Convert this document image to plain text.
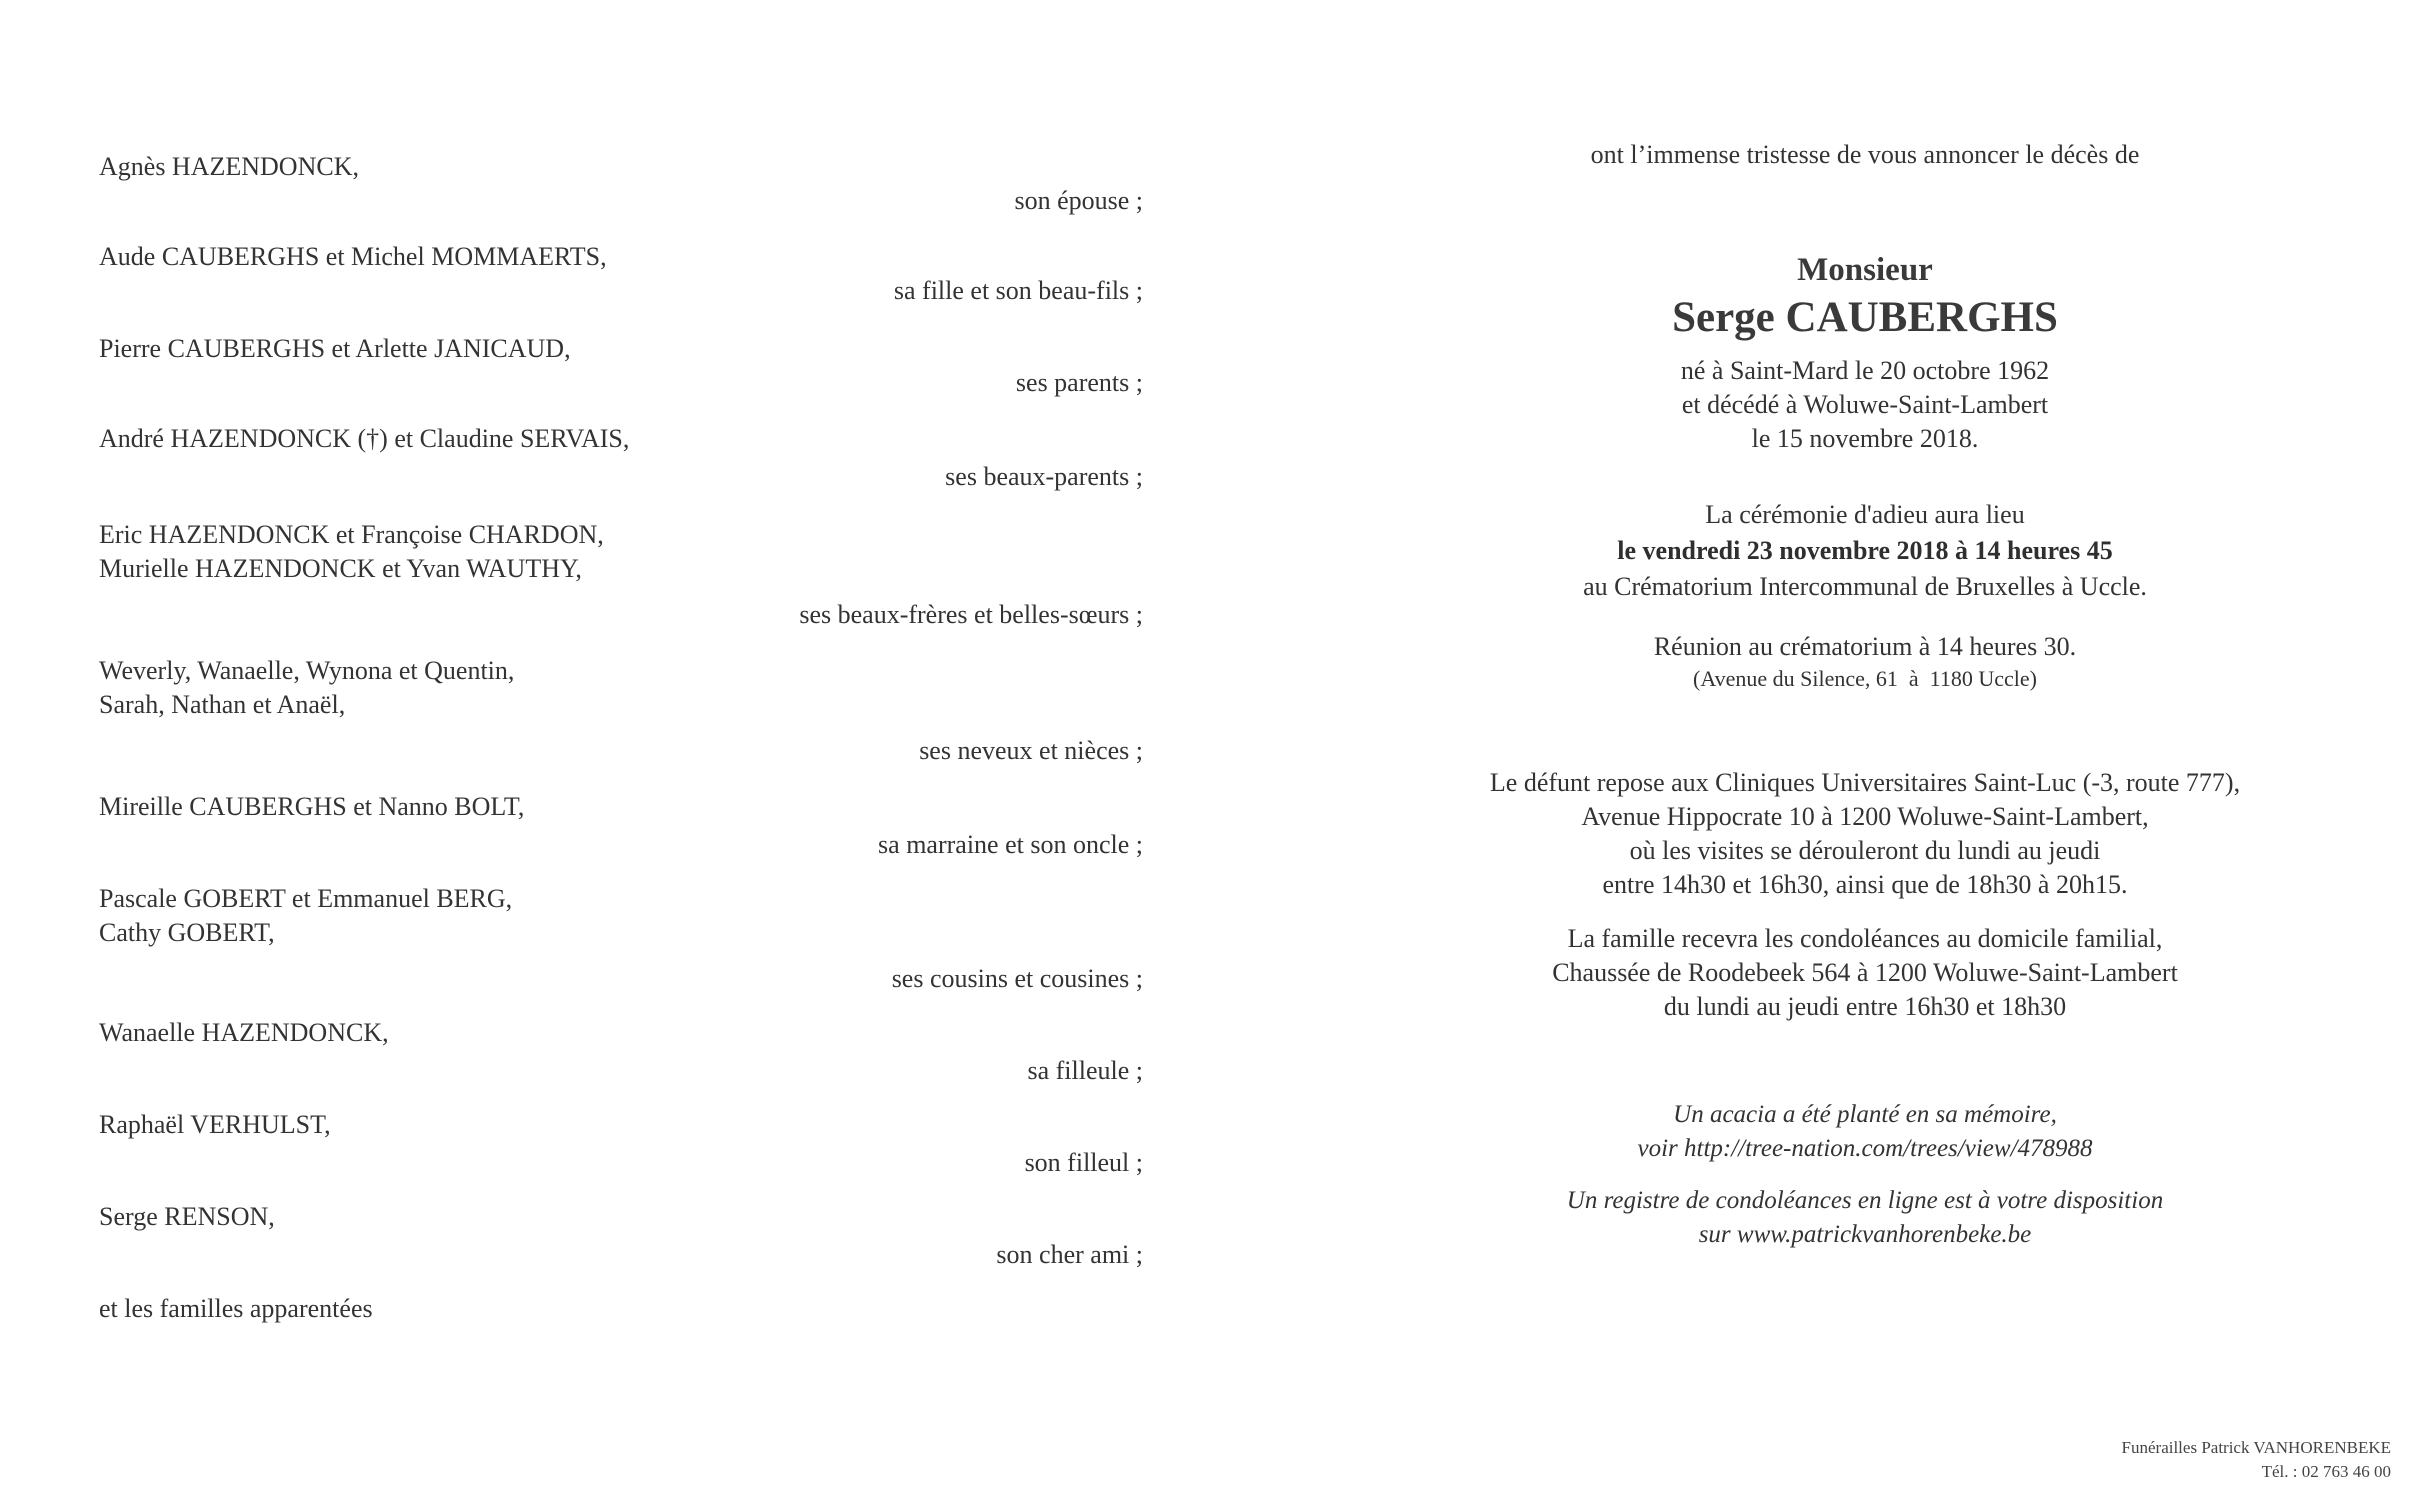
Agnès HAZENDONCK,
son épouse ;
Aude CAUBERGHS et Michel MOMMAERTS,
sa fille et son beau-fils ;
Pierre CAUBERGHS et Arlette JANICAUD,
ses parents ;
André HAZENDONCK (†) et Claudine SERVAIS,
ses beaux-parents ;
Eric HAZENDONCK et Françoise CHARDON,
Murielle HAZENDONCK et Yvan WAUTHY,
ses beaux-frères et belles-sœurs ;
Weverly, Wanaelle, Wynona et Quentin,
Sarah, Nathan et Anaël,
ses neveux et nièces ;
Mireille CAUBERGHS et Nanno BOLT,
sa marraine et son oncle ;
Pascale GOBERT et Emmanuel BERG,
Cathy GOBERT,
ses cousins et cousines ;
Wanaelle HAZENDONCK,
sa filleule ;
Raphaël VERHULST,
son filleul ;
Serge RENSON,
son cher ami ;
et les familles apparentées
ont l’immense tristesse de vous annoncer le décès de
Monsieur
Serge CAUBERGHS
né à Saint-Mard le 20 octobre 1962
et décédé à Woluwe-Saint-Lambert
le 15 novembre 2018.
La cérémonie d'adieu aura lieu
le vendredi 23 novembre 2018 à 14 heures 45
au Crématorium Intercommunal de Bruxelles à Uccle.
Réunion au crématorium à 14 heures 30.
(Avenue du Silence, 61  à  1180 Uccle)
Le défunt repose aux Cliniques Universitaires Saint-Luc (-3, route 777),
Avenue Hippocrate 10 à 1200 Woluwe-Saint-Lambert,
où les visites se dérouleront du lundi au jeudi
entre 14h30 et 16h30, ainsi que de 18h30 à 20h15.
La famille recevra les condoléances au domicile familial,
Chaussée de Roodebeek 564 à 1200 Woluwe-Saint-Lambert
du lundi au jeudi entre 16h30 et 18h30
Un acacia a été planté en sa mémoire,
voir http://tree-nation.com/trees/view/478988
Un registre de condoléances en ligne est à votre disposition
sur www.patrickvanhorenbeke.be
Funérailles Patrick VANHORENBEKE
Tél. : 02 763 46 00
